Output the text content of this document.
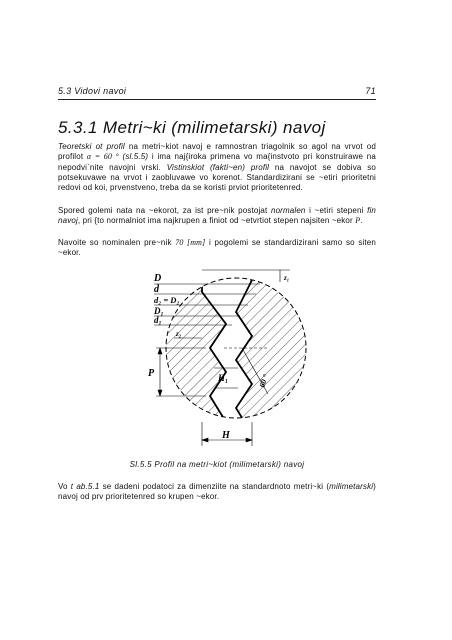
5.3 Vidovi navoi	71
5.3.1 Metri~ki (milimetarski) navoj
Teoretski ot profil na metri~kiot navoj e ramnostran triagolnik so agol na vrvot od profilot α = 60 ° (sl.5.5) i ima naj{iroka primena vo ma{instvoto pri konstruirawe na nepodvi`nite navojni vrski. Vistinskiot (fakti~en) profil na navojot se dobiva so potsekuvawe na vrvot i zaobluvawe vo korenot. Standardizirani se ~etiri prioritetni redovi od koi, prvenstveno, treba da se koristi prviot prioritetenred.
Spored golemi nata na ~ekorot, za ist pre~nik postojat normalen i ~etiri stepeni fin navoj, pri {to normalniot ima najkrupen a finiot od ~etvrtiot stepen najsiten ~ekor P.
Navoite so nominalen pre~nik 70 [mm] i pogolemi se standardizirani samo so siten ~ekor.
D
d
d₂ = D₂
D₁
d₁
P	H₁
H
60 °
z₁
z₂
Sl.5.5 Profil na metri~kiot (milimetarski) navoj
Vo t ab.5.1 se dadeni podatoci za dimenziite na standardnoto metri~ki (milimetarski) navoj od prv prioritetenred so krupen ~ekor.
